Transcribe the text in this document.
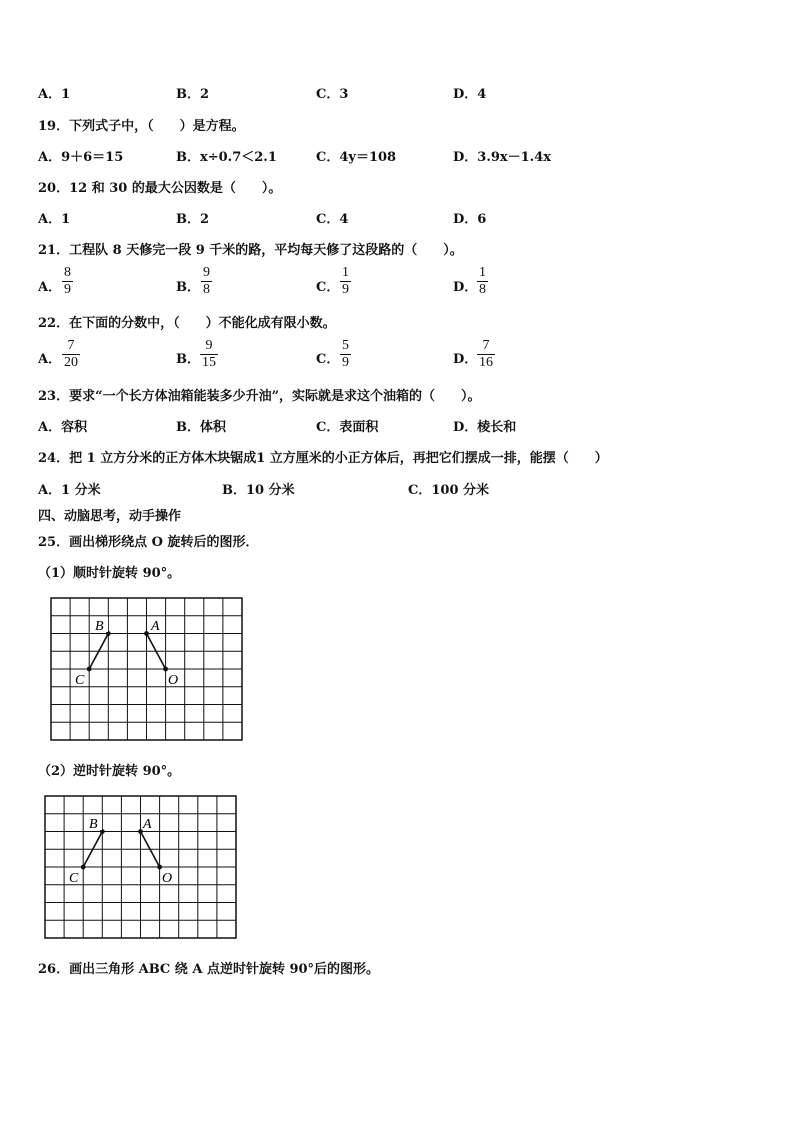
A．1	B．2	C．3	D．4
19．下列式子中，（　　）是方程。
A．9＋6＝15	B．x÷0.7＜2.1	C．4y＝108	D．3.9x－1.4x
20．12 和 30 的最大公因数是（　　）。
A．1	B．2	C．4	D．6
21．工程队 8 天修完一段 9 千米的路，平均每天修了这段路的（　　）。
A．
8
9	B．
9
8	C．
1
9	D．
1
8
22．在下面的分数中，（　　）不能化成有限小数。
A．
7
20	B．
9
15	C．
5
9	D．
7
16
23．要求“一个长方体油箱能装多少升油”，实际就是求这个油箱的（　　）。
A．容积	B．体积	C．表面积	D．棱长和
24．把 1 立方分米的正方体木块锯成1 立方厘米的小正方体后，再把它们摆成一排，能摆（　　）
A．1 分米	B．10 分米	C．100 分米
四、动脑思考，动手操作
25．画出梯形绕点 O 旋转后的图形．
（1）顺时针旋转 90°。
B	A
C	O
（2）逆时针旋转 90°。
B	A
C	O
26．画出三角形 ABC 绕 A 点逆时针旋转 90°后的图形。
